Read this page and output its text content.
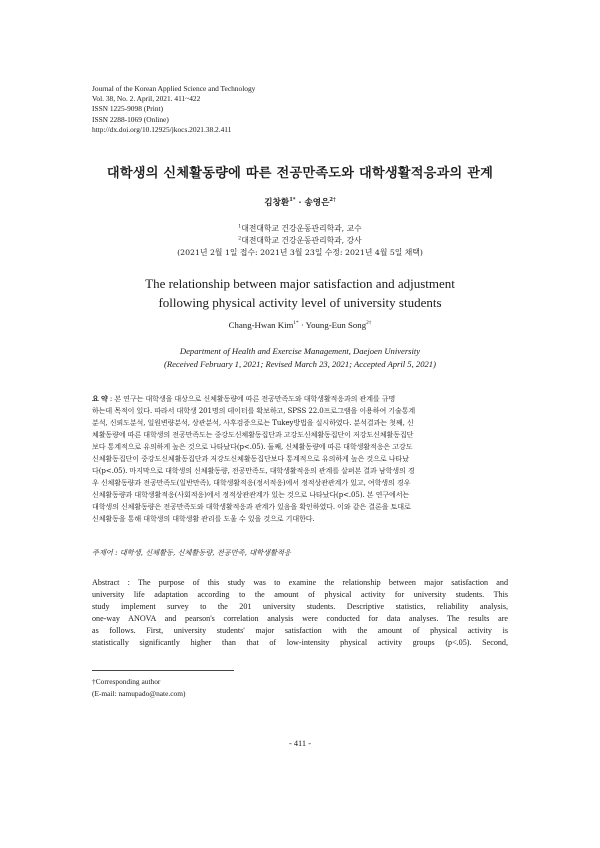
Journal of the Korean Applied Science and Technology
Vol. 38, No. 2. April, 2021. 411~422
ISSN 1225-9098 (Print)
ISSN 2288-1069 (Online)
http://dx.doi.org/10.12925/jkocs.2021.38.2.411
대학생의 신체활동량에 따른 전공만족도와 대학생활적응과의 관계
김창환$^{1*}$ · 송영은$^{2\dagger}$
$^1$대전대학교 건강운동관리학과, 교수
$^2$대전대학교 건강운동관리학과, 강사
(2021년 2월 1일 접수: 2021년 3월 23일 수정: 2021년 4월 5일 채택)
The relationship between major satisfaction and adjustment
following physical activity level of university students
Chang-Hwan Kim$^{1*}$ · Young-Eun Song$^{2\dagger}$
Department of Health and Exercise Management, Daejoen University
(Received February 1, 2021; Revised March 23, 2021; Accepted April 5, 2021)
요 약 : 본 연구는 대학생을 대상으로 신체활동량에 따른 전공만족도와 대학생활적응과의 관계를 규명
하는데 목적이 있다. 따라서 대학생 201명의 데이터를 확보하고, SPSS 22.0프로그램을 이용하여 기술통계
분석, 신뢰도분석, 일원변량분석, 상관분석, 사후검증으로는 Tukey방법을 실시하였다. 분석결과는 첫째, 신
체활동량에 따른 대학생의 전공만족도는 중강도신체활동집단과 고강도신체활동집단이 저강도신체활동집단
보다 통계적으로 유의하게 높은 것으로 나타났다(p<.05). 둘째, 신체활동량에 따른 대학생활적응은 고강도
신체활동집단이 중강도신체활동집단과 저강도신체활동집단보다 통계적으로 유의하게 높은 것으로 나타났
다(p<.05). 마지막으로 대학생의 신체활동량, 전공만족도, 대학생활적응의 관계를 살펴본 결과 남학생의 경
우 신체활동량과 전공만족도(일반만족), 대학생활적응(정서적응)에서 정적상관관계가 있고, 여학생의 경우
신체활동량과 대학생활적응(사회적응)에서 정적상관관계가 있는 것으로 나타났다(p<.05). 본 연구에서는
대학생의 신체활동량은 전공만족도와 대학생활적응과 관계가 있음을 확인하였다. 이와 같은 결론을 토대로
신체활동을 통해 대학생의 대학생활 관리를 도울 수 있을 것으로 기대한다.
주제어 : 대학생, 신체활동, 신체활동량, 전공만족, 대학생활적응
Abstract : The purpose of this study was to examine the relationship between major satisfaction and
university life adaptation according to the amount of physical activity for university students. This
study implement survey to the 201 university students. Descriptive statistics, reliability analysis,
one-way ANOVA and pearson's correlation analysis were conducted for data analyses. The results are
as follows. First, university students' major satisfaction with the amount of physical activity is
statistically significantly higher than that of low-intensity physical activity groups (p<.05). Second,
†Corresponding author
(E-mail: namupado@nate.com)
- 411 -
